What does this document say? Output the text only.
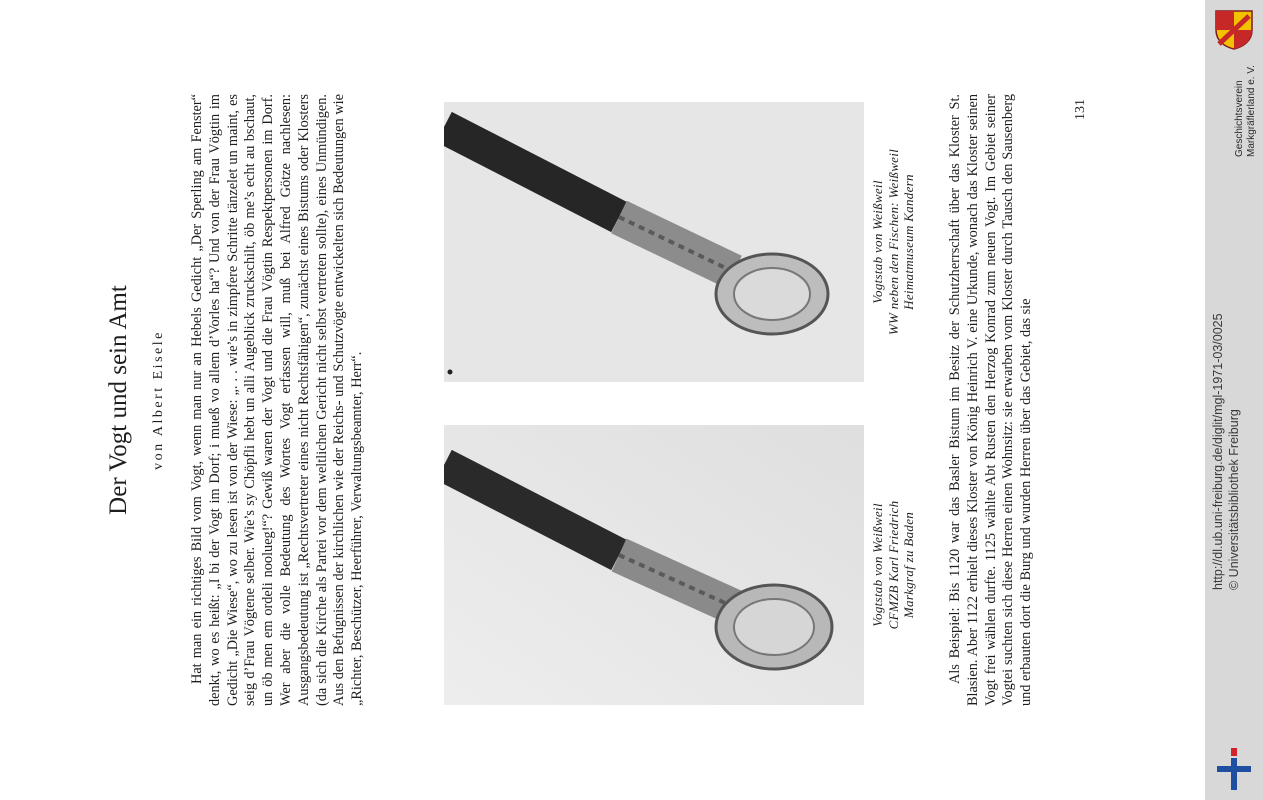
Der Vogt und sein Amt von Albert Eisele Hat man ein richtiges Bild vom Vogt, wenn man nur an Hebels Gedicht „Der Sperling am Fenster“ denkt, wo es heißt: „I bi der Vogt im Dorf; i mueß vo allem d’Vorles ha“? Und von der Frau Vögtin im Gedicht „Die Wiese“, wo zu lesen ist von der Wiese: „. . . wie’s in zimpfere Schritte tänzelet un maint, es seig d’Frau Vögtene selber. Wie’s sy Chöpfli hebt un alli Augeblick zruckschilt, öb me’s echt au bschaut, un öb men em ordeli noolueg!“? Gewiß waren der Vogt und die Frau Vögtin Respektpersonen im Dorf. Wer aber die volle Bedeutung des Wortes Vogt erfassen will, muß bei Alfred Götze nachlesen: Ausgangsbedeutung ist „Rechtsvertreter eines nicht Rechtsfähigen“, zunächst eines Bistums oder Klosters (da sich die Kirche als Partei vor dem weltlichen Gericht nicht selbst vertreten sollte), eines Unmündigen. Aus den Befugnissen der kirchlichen wie der Reichs- und Schutzvögte entwickelten sich Bedeutungen wie „Richter, Beschützer, Heerführer, Verwaltungsbeamter, Herr“.	Vogtstab von Weißweil CFMZB Karl Friedrich Markgraf zu Baden

Vogtstab von Weißweil WW neben den Fischen: Weißweil Heimatmuseum Kandern Als Beispiel: Bis 1120 war das Basler Bistum im Besitz der Schutzherrschaft über das Kloster St. Blasien. Aber 1122 erhielt dieses Kloster von König Heinrich V. eine Urkunde, wonach das Kloster seinen Vogt frei wählen durfte. 1125 wählte Abt Rusten den Herzog Konrad zum neuen Vogt. Im Gebiet seiner Vogtei suchten sich diese Herren einen Wohnsitz: sie erwarben vom Kloster durch Tausch den Sausenberg und erbauten dort die Burg und wurden Herren über das Gebiet, das sie

131	Geschichtsverein Markgräflerland e. V.
http://dl.ub.uni-freiburg.de/diglit/mgl-1971-03/0025 © Universitätsbibliothek Freiburg
